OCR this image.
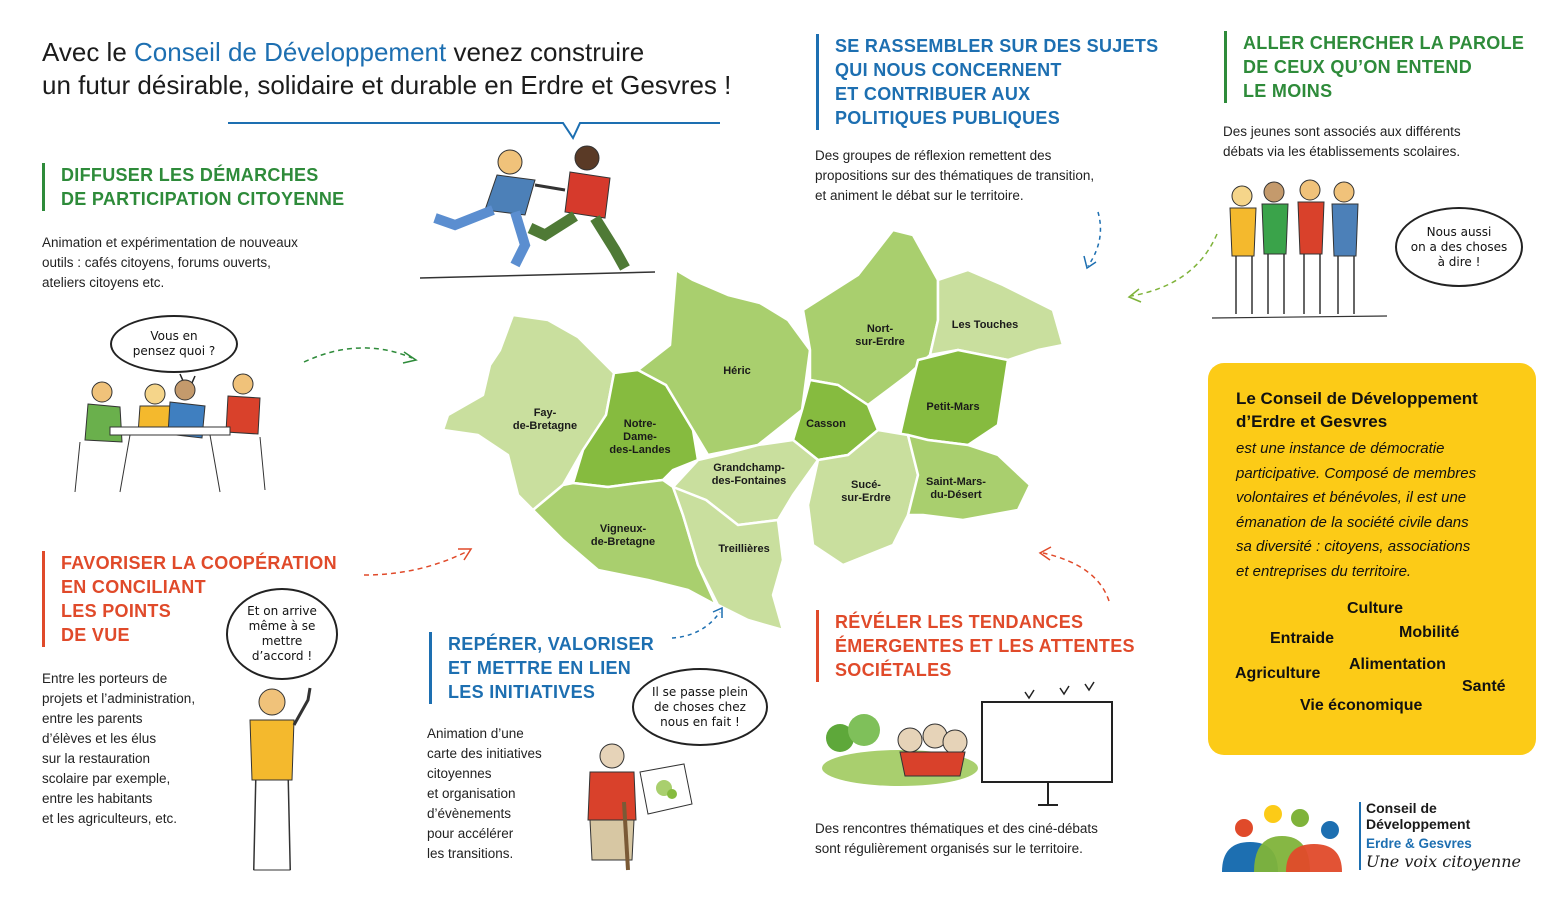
Avec le Conseil de Développement venez construire
un futur désirable, solidaire et durable en Erdre et Gesvres !
DIFFUSER LES DÉMARCHES
DE PARTICIPATION CITOYENNE
Animation et expérimentation de nouveaux
outils : cafés citoyens, forums ouverts,
ateliers citoyens etc.
Vous en
pensez quoi ?
SE RASSEMBLER SUR DES SUJETS
QUI NOUS CONCERNENT
ET CONTRIBUER AUX
POLITIQUES PUBLIQUES
Des groupes de réflexion remettent des
propositions sur des thématiques de transition,
et animent le débat sur le territoire.
ALLER CHERCHER LA PAROLE
DE CEUX QU’ON ENTEND
LE MOINS
Des jeunes sont associés aux différents
débats via les établissements scolaires.
Nous aussi
on a des choses
à dire !
Fay-
de-Bretagne	Notre-
Dame-
des-Landes
Héric
Nort-
sur-Erdre
Les Touches
Petit-Mars
Casson
Grandchamp-
des-Fontaines	Sucé-
sur-Erdre
Saint-Mars-
du-Désert
Vigneux-
de-Bretagne
Treillières
FAVORISER LA COOPÉRATION
EN CONCILIANT
LES POINTS
DE VUE
Entre les porteurs de
projets et l’administration,
entre les parents
d’élèves et les élus
sur la restauration
scolaire par exemple,
entre les habitants
et les agriculteurs, etc.
Et on arrive
même à se
mettre
d’accord !
REPÉRER, VALORISER
ET METTRE EN LIEN
LES INITIATIVES
Animation d’une
carte des initiatives
citoyennes
et organisation
d’évènements
pour accélérer
les transitions.
Il se passe plein
de choses chez
nous en fait !
RÉVÉLER LES TENDANCES
ÉMERGENTES ET LES ATTENTES
SOCIÉTALES
Des rencontres thématiques et des ciné-débats
sont régulièrement organisés sur le territoire.
Le Conseil de Développement
d’Erdre et Gesvres
est une instance de démocratie
participative. Composé de membres
volontaires et bénévoles, il est une
émanation de la société civile dans
sa diversité : citoyens, associations
et entreprises du territoire.
Culture
Entraide	Mobilité
Alimentation
Agriculture
Santé
Vie économique
Conseil de
Développement
Erdre & Gesvres
Une voix citoyenne
